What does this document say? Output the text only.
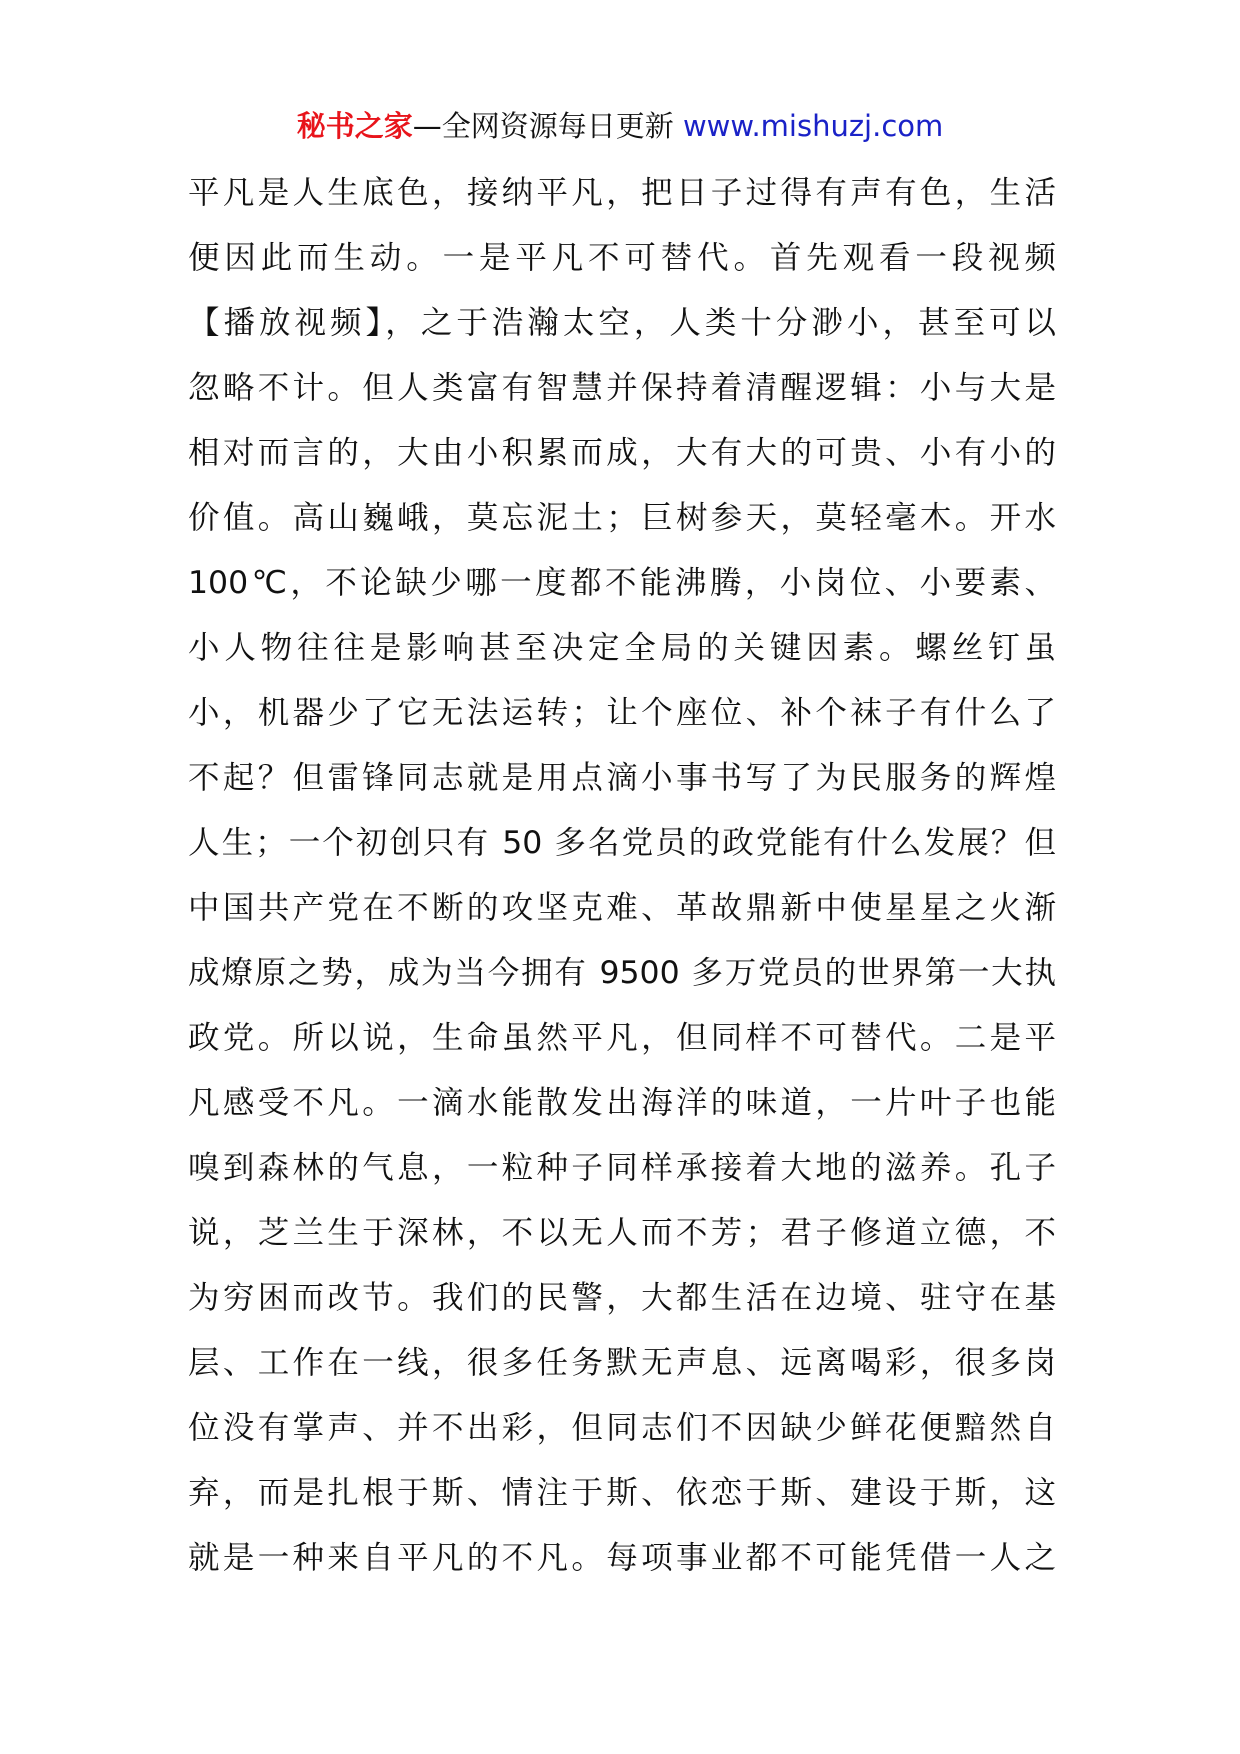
秘书之家—全网资源每日更新 www.mishuzj.com
平凡是人生底色，接纳平凡，把日子过得有声有色，生活
便因此而生动。一是平凡不可替代。首先观看一段视频
【播放视频】，之于浩瀚太空，人类十分渺小，甚至可以
忽略不计。但人类富有智慧并保持着清醒逻辑：小与大是
相对而言的，大由小积累而成，大有大的可贵、小有小的
价值。高山巍峨，莫忘泥土；巨树参天，莫轻毫木。开水
100℃，不论缺少哪一度都不能沸腾，小岗位、小要素、
小人物往往是影响甚至决定全局的关键因素。螺丝钉虽
小，机器少了它无法运转；让个座位、补个袜子有什么了
不起？但雷锋同志就是用点滴小事书写了为民服务的辉煌
人生；一个初创只有 50 多名党员的政党能有什么发展？但
中国共产党在不断的攻坚克难、革故鼎新中使星星之火渐
成燎原之势，成为当今拥有 9500 多万党员的世界第一大执
政党。所以说，生命虽然平凡，但同样不可替代。二是平
凡感受不凡。一滴水能散发出海洋的味道，一片叶子也能
嗅到森林的气息，一粒种子同样承接着大地的滋养。孔子
说，芝兰生于深林，不以无人而不芳；君子修道立德，不
为穷困而改节。我们的民警，大都生活在边境、驻守在基
层、工作在一线，很多任务默无声息、远离喝彩，很多岗
位没有掌声、并不出彩，但同志们不因缺少鲜花便黯然自
弃，而是扎根于斯、情注于斯、依恋于斯、建设于斯，这
就是一种来自平凡的不凡。每项事业都不可能凭借一人之
